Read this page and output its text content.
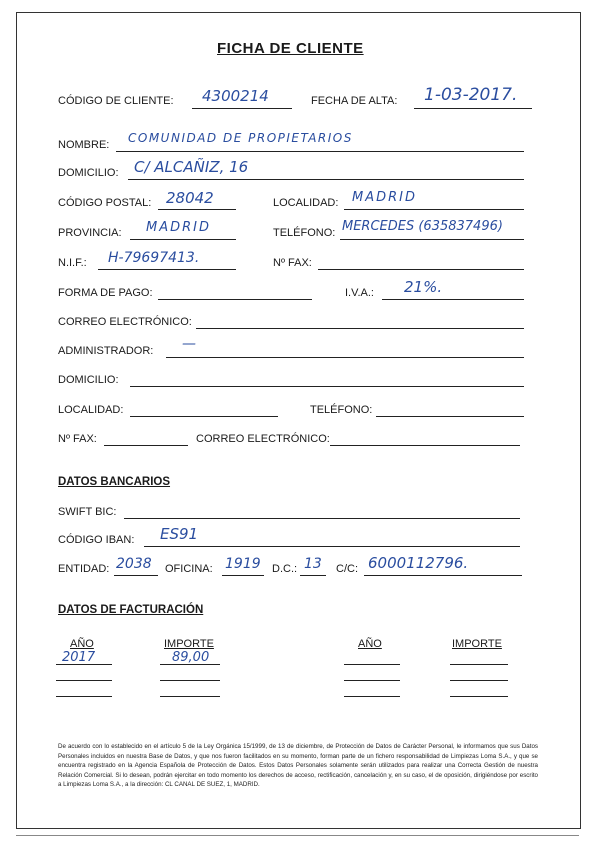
FICHA DE CLIENTE
CÓDIGO DE CLIENTE: 4300214	FECHA DE ALTA: 1-03-2017.
NOMBRE: COMUNIDAD DE PROPIETARIOS
DOMICILIO: C/ ALCAÑIZ, 16
CÓDIGO POSTAL: 28042	LOCALIDAD: MADRID
PROVINCIA: MADRID	TELÉFONO: MERCEDES (635837496)
N.I.F.: H-79697413.	Nº FAX:
FORMA DE PAGO:	I.V.A.: 21%.
CORREO ELECTRÓNICO:
ADMINISTRADOR: —
DOMICILIO:
LOCALIDAD:	TELÉFONO:
Nº FAX:	CORREO ELECTRÓNICO:
DATOS BANCARIOS
SWIFT BIC:
CÓDIGO IBAN: ES91
ENTIDAD: 2038 OFICINA: 1919 D.C.: 13 C/C: 6000112796.
DATOS DE FACTURACIÓN
AÑO	IMPORTE	AÑO	IMPORTE
2017	89,00
De acuerdo con lo establecido en el artículo 5 de la Ley Orgánica 15/1999, de 13 de diciembre, de Protección de Datos de Carácter Personal, le informamos que sus Datos Personales incluidos en nuestra Base de Datos, y que nos fueron facilitados en su momento, forman parte de un fichero responsabilidad de Limpiezas Loma S.A., y que se encuentra registrado en la Agencia Española de Protección de Datos. Estos Datos Personales solamente serán utilizados para realizar una Correcta Gestión de nuestra Relación Comercial. Si lo desean, podrán ejercitar en todo momento los derechos de acceso, rectificación, cancelación y, en su caso, el de oposición, dirigiéndose por escrito a Limpiezas Loma S.A., a la dirección: CL CANAL DE SUEZ, 1, MADRID.
